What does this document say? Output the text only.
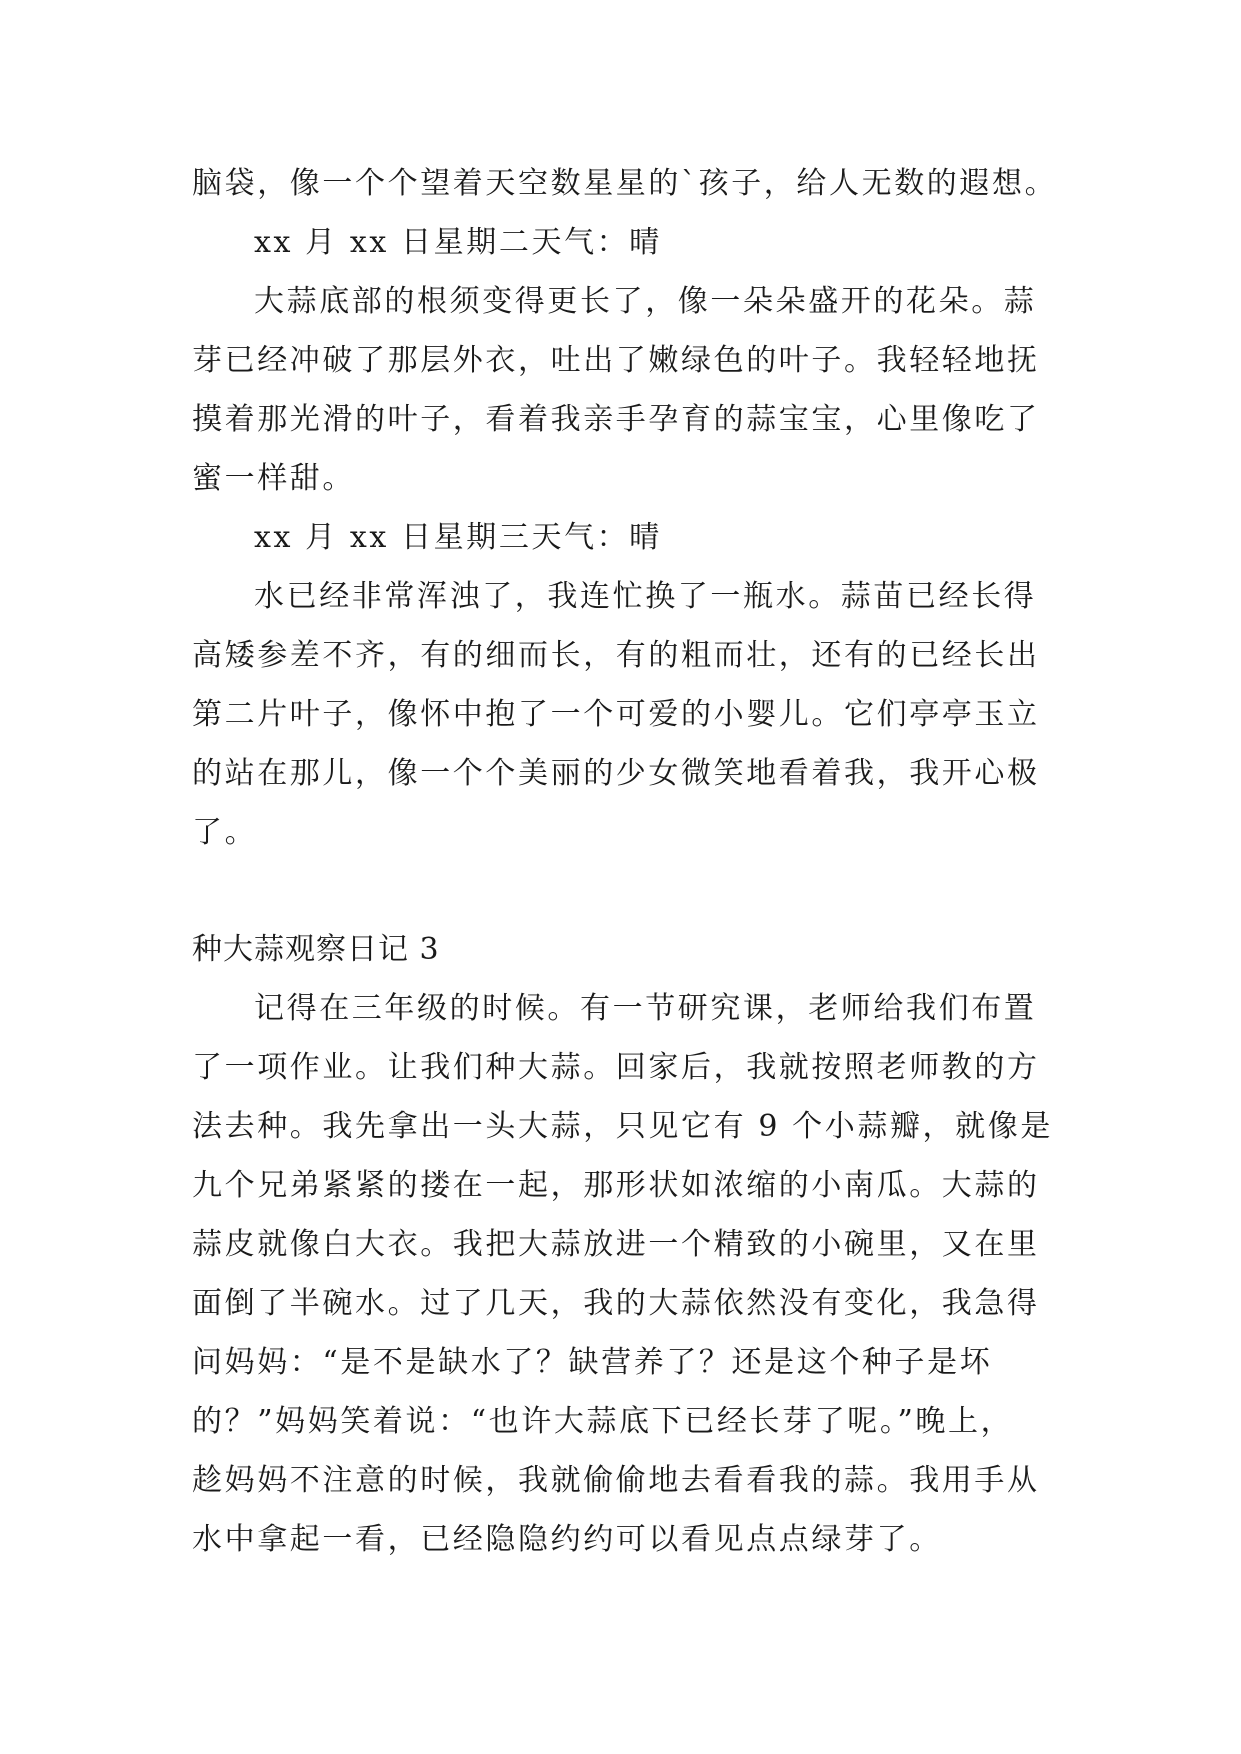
脑袋，像一个个望着天空数星星的`孩子，给人无数的遐想。
xx 月 xx 日星期二天气：晴
大蒜底部的根须变得更长了，像一朵朵盛开的花朵。蒜
芽已经冲破了那层外衣，吐出了嫩绿色的叶子。我轻轻地抚
摸着那光滑的叶子，看着我亲手孕育的蒜宝宝，心里像吃了
蜜一样甜。
xx 月 xx 日星期三天气：晴
水已经非常浑浊了，我连忙换了一瓶水。蒜苗已经长得
高矮参差不齐，有的细而长，有的粗而壮，还有的已经长出
第二片叶子，像怀中抱了一个可爱的小婴儿。它们亭亭玉立
的站在那儿，像一个个美丽的少女微笑地看着我，我开心极
了。
种大蒜观察日记 3
记得在三年级的时候。有一节研究课，老师给我们布置
了一项作业。让我们种大蒜。回家后，我就按照老师教的方
法去种。我先拿出一头大蒜，只见它有 9 个小蒜瓣，就像是
九个兄弟紧紧的搂在一起，那形状如浓缩的小南瓜。大蒜的
蒜皮就像白大衣。我把大蒜放进一个精致的小碗里，又在里
面倒了半碗水。过了几天，我的大蒜依然没有变化，我急得
问妈妈：“是不是缺水了？缺营养了？还是这个种子是坏
的？”妈妈笑着说：“也许大蒜底下已经长芽了呢。”晚上，
趁妈妈不注意的时候，我就偷偷地去看看我的蒜。我用手从
水中拿起一看，已经隐隐约约可以看见点点绿芽了。
